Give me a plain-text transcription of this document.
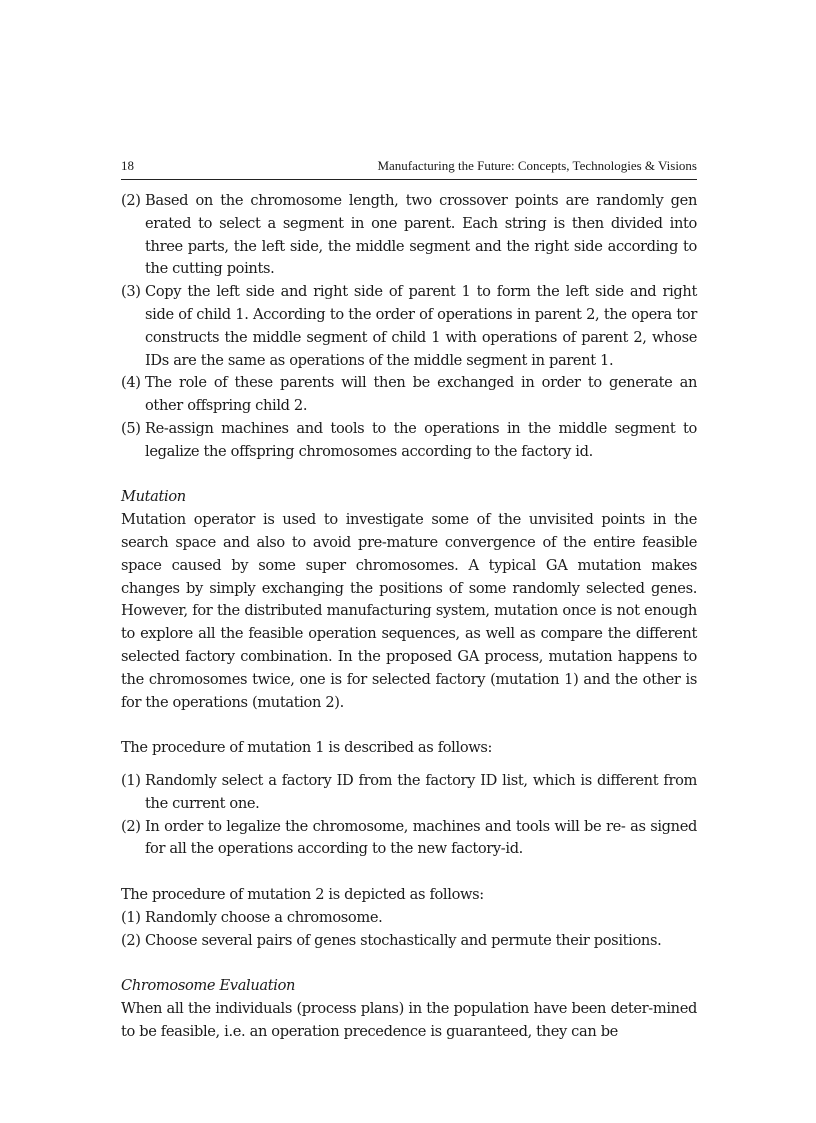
18	Manufacturing the Future: Concepts, Technologies & Visions
(2) Based on the chromosome length, two crossover points are randomly gen erated to select a segment in one parent. Each string is then divided into three parts, the left side, the middle segment and the right side according to the cutting points.
(3) Copy the left side and right side of parent 1 to form the left side and right side of child 1. According to the order of operations in parent 2, the opera tor constructs the middle segment of child 1 with operations of parent 2, whose IDs are the same as operations of the middle segment in parent 1.
(4) The role of these parents will then be exchanged in order to generate an other offspring child 2.
(5) Re-assign machines and tools to the operations in the middle segment to legalize the offspring chromosomes according to the factory id.
Mutation

Mutation operator is used to investigate some of the unvisited points in the search space and also to avoid pre-mature convergence of the entire feasible space caused by some super chromosomes. A typical GA mutation makes changes by simply exchanging the positions of some randomly selected genes. However, for the distributed manufacturing system, mutation once is not enough to explore all the feasible operation sequences, as well as compare the different selected factory combination. In the proposed GA process, mutation happens to the chromosomes twice, one is for selected factory (mutation 1) and the other is for the operations (mutation 2).

The procedure of mutation 1 is described as follows:

(1) Randomly select a factory ID from the factory ID list, which is different from the current one.
(2) In order to legalize the chromosome, machines and tools will be re- as signed for all the operations according to the new factory-id.

The procedure of mutation 2 is depicted as follows:

(1) Randomly choose a chromosome.
(2) Choose several pairs of genes stochastically and permute their positions.
Chromosome Evaluation

When all the individuals (process plans) in the population have been deter-mined to be feasible, i.e. an operation precedence is guaranteed, they can be
